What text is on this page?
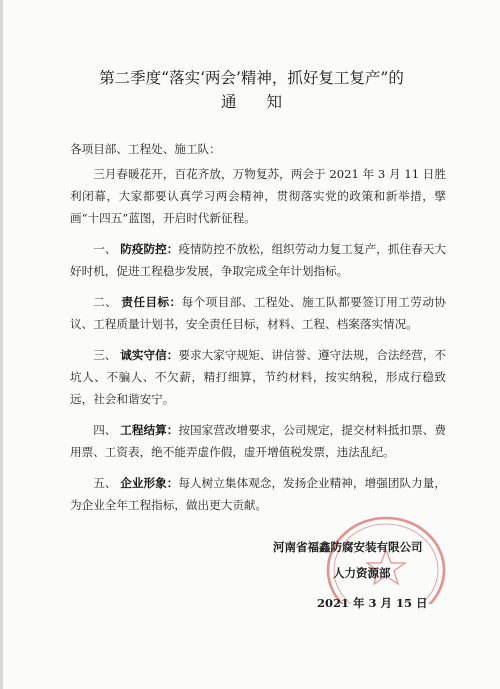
第二季度“落实‘两会’精神，抓好复工复产”的
通知

各项目部、工程处、施工队：

三月春暖花开，百花齐放，万物复苏，两会于 2021 年 3 月 11 日胜利闭幕，大家都要认真学习两会精神，贯彻落实党的政策和新举措，擘画“十四五”蓝图，开启时代新征程。

一、 防疫防控：疫情防控不放松，组织劳动力复工复产，抓住春天大好时机，促进工程稳步发展，争取完成全年计划指标。

二、 责任目标：每个项目部、工程处、施工队都要签订用工劳动协议、工程质量计划书，安全责任目标，材料、工程、档案落实情况。

三、 诚实守信：要求大家守规矩、讲信誉、遵守法规，合法经营，不坑人、不骗人、不欠薪，精打细算，节约材料，按实纳税，形成行稳致远，社会和谐安宁。

四、 工程结算：按国家营改增要求，公司规定，提交材料抵扣票、费用票、工资表，绝不能弄虚作假，虚开增值税发票，违法乱纪。

五、 企业形象：每人树立集体观念，发扬企业精神，增强团队力量，为企业全年工程指标，做出更大贡献。

河南省福鑫防腐安装有限公司
人力资源部
2021 年 3 月 15 日
